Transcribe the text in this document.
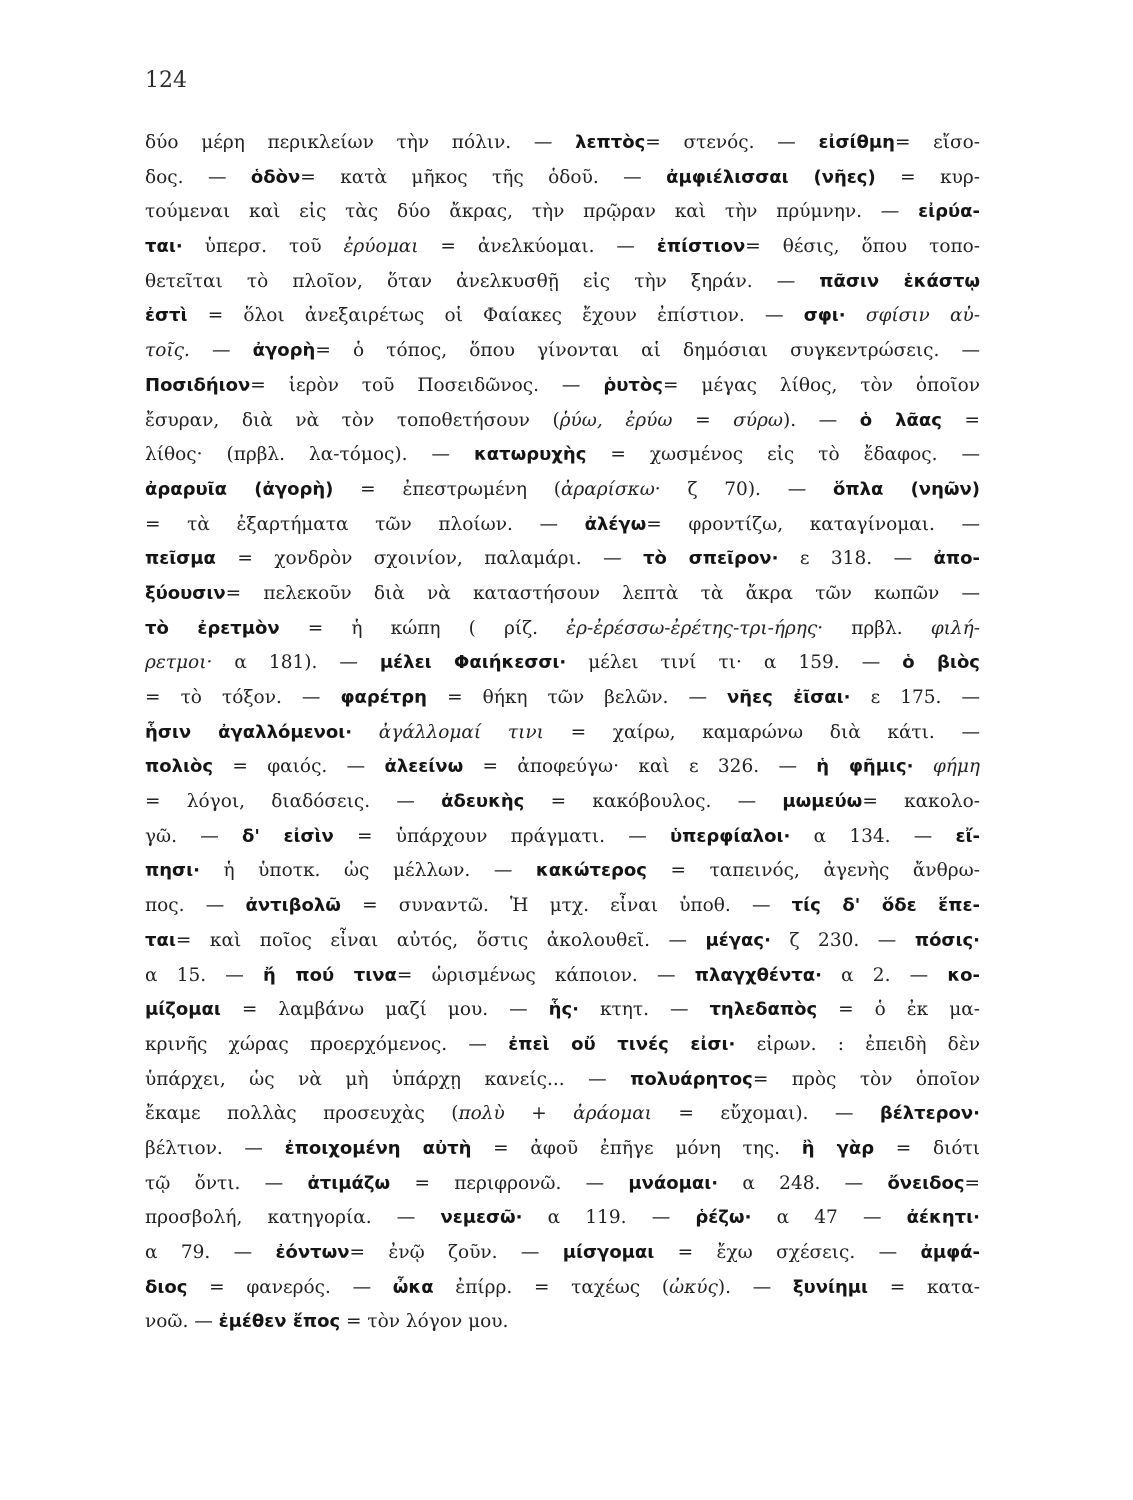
124
δύο μέρη περικλείων τὴν πόλιν. — λεπτὸς= στενός. — εἰσίθμη= εἴσο-
δος. — ὁδὸν= κατὰ μῆκος τῆς ὁδοῦ. — ἀμφιέλισσαι (νῆες) = κυρ-
τούμεναι καὶ εἰς τὰς δύο ἄκρας, τὴν πρῷραν καὶ τὴν πρύμνην. — εἰρύα-
ται· ὑπερσ. τοῦ ἐρύομαι = ἀνελκύομαι. — ἐπίστιον= θέσις, ὅπου τοπο-
θετεῖται τὸ πλοῖον, ὅταν ἀνελκυσθῇ εἰς τὴν ξηράν. — πᾶσιν ἑκάστῳ
ἐστὶ = ὅλοι ἀνεξαιρέτως οἱ Φαίακες ἔχουν ἐπίστιον. — σφι· σφίσιν αὐ-
τοῖς. — ἀγορὴ= ὁ τόπος, ὅπου γίνονται αἱ δημόσιαι συγκεντρώσεις. —
Ποσιδήιον= ἱερὸν τοῦ Ποσειδῶνος. — ῥυτὸς= μέγας λίθος, τὸν ὁποῖον
ἔσυραν, διὰ νὰ τὸν τοποθετήσουν (ῥύω, ἐρύω = σύρω). — ὁ λᾶας =
λίθος· (πρβλ. λα-τόμος). — κατωρυχὴς = χωσμένος εἰς τὸ ἔδαφος. —
ἀραρυῖα (ἀγορὴ) = ἐπεστρωμένη (ἀραρίσκω· ζ 70). — ὅπλα (νηῶν)
= τὰ ἐξαρτήματα τῶν πλοίων. — ἀλέγω= φροντίζω, καταγίνομαι. —
πεῖσμα = χονδρὸν σχοινίον, παλαμάρι. — τὸ σπεῖρον· ε 318. — ἀπο-
ξύουσιν= πελεκοῦν διὰ νὰ καταστήσουν λεπτὰ τὰ ἄκρα τῶν κωπῶν —
τὸ ἐρετμὸν = ἡ κώπη ( ρίζ. ἐρ-ἐρέσσω-ἐρέτης-τρι-ήρης· πρβλ. φιλή-
ρετμοι· α 181). — μέλει Φαιήκεσσι· μέλει τινί τι· α 159. — ὁ βιὸς
= τὸ τόξον. — φαρέτρη = θήκη τῶν βελῶν. — νῆες ἐῖσαι· ε 175. —
ἧσιν ἀγαλλόμενοι· ἀγάλλομαί τινι = χαίρω, καμαρώνω διὰ κάτι. —
πολιὸς = φαιός. — ἀλεείνω = ἀποφεύγω· καὶ ε 326. — ἡ φῆμις· φήμη
= λόγοι, διαδόσεις. — ἀδευκὴς = κακόβουλος. — μωμεύω= κακολο-
γῶ. — δ' εἰσὶν = ὑπάρχουν πράγματι. — ὑπερφίαλοι· α 134. — εἴ-
πησι· ἡ ὑποτκ. ὡς μέλλων. — κακώτερος = ταπεινός, ἀγενὴς ἄνθρω-
πος. — ἀντιβολῶ = συναντῶ. Ἡ μτχ. εἶναι ὑποθ. — τίς δ' ὅδε ἕπε-
ται= καὶ ποῖος εἶναι αὐτός, ὅστις ἀκολουθεῖ. — μέγας· ζ 230. — πόσις·
α 15. — ἤ πού τινα= ὡρισμένως κάποιον. — πλαγχθέντα· α 2. — κο-
μίζομαι = λαμβάνω μαζί μου. — ἧς· κτητ. — τηλεδαπὸς = ὁ ἐκ μα-
κρινῆς χώρας προερχόμενος. — ἐπεὶ οὔ τινές εἰσι· εἰρων. : ἐπειδὴ δὲν
ὑπάρχει, ὡς νὰ μὴ ὑπάρχῃ κανείς... — πολυάρητος= πρὸς τὸν ὁποῖον
ἔκαμε πολλὰς προσευχὰς (πολὺ + ἀράομαι = εὔχομαι). — βέλτερον·
βέλτιον. — ἐποιχομένη αὐτὴ = ἀφοῦ ἐπῆγε μόνη της. ἢ γὰρ = διότι
τῷ ὄντι. — ἀτιμάζω = περιφρονῶ. — μνάομαι· α 248. — ὄνειδος=
προσβολή, κατηγορία. — νεμεσῶ· α 119. — ῥέζω· α 47 — ἀέκητι·
α 79. — ἐόντων= ἐνῷ ζοῦν. — μίσγομαι = ἔχω σχέσεις. — ἀμφά-
διος = φανερός. — ὦκα ἐπίρρ. = ταχέως (ὠκύς). — ξυνίημι = κατα-
νοῶ. — ἐμέθεν ἔπος = τὸν λόγον μου.
